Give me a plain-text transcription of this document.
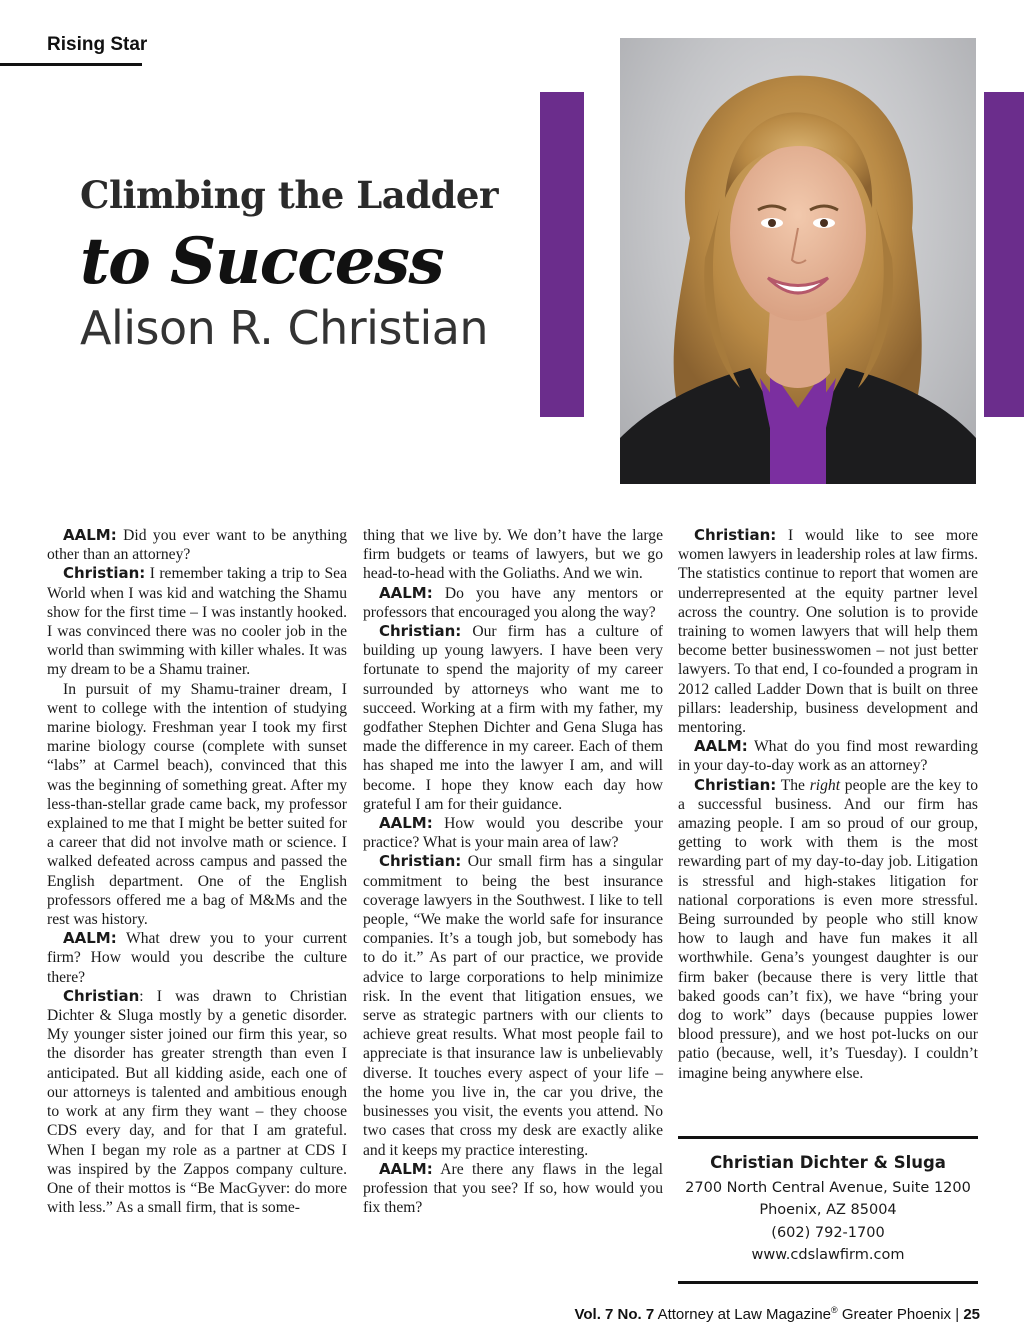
Rising Star
Climbing the Ladder
to Success
Alison R. Christian

AALM: Did you ever want to be anything other than an attorney?

Christian: I remember taking a trip to Sea World when I was kid and watching the Shamu show for the first time – I was instantly hooked. I was convinced there was no cooler job in the world than swimming with killer whales. It was my dream to be a Shamu trainer.

In pursuit of my Shamu-trainer dream, I went to college with the intention of studying marine biology. Freshman year I took my first marine biology course (complete with sunset “labs” at Carmel beach), convinced that this was the beginning of something great. After my less-than-stellar grade came back, my professor explained to me that I might be better suited for a career that did not involve math or science. I walked defeated across campus and passed the English department. One of the English professors offered me a bag of M&Ms and the rest was history.

AALM: What drew you to your current firm? How would you describe the culture there?

Christian: I was drawn to Christian Dichter & Sluga mostly by a genetic disorder. My younger sister joined our firm this year, so the disorder has greater strength than even I anticipated. But all kidding aside, each one of our attorneys is talented and ambitious enough to work at any firm they want – they choose CDS every day, and for that I am grateful. When I began my role as a partner at CDS I was inspired by the Zappos company culture. One of their mottos is “Be MacGyver: do more with less.” As a small firm, that is some-

thing that we live by. We don’t have the large firm budgets or teams of lawyers, but we go head-to-head with the Goliaths. And we win.

AALM: Do you have any mentors or professors that encouraged you along the way?

Christian: Our firm has a culture of building up young lawyers. I have been very fortunate to spend the majority of my career surrounded by attorneys who want me to succeed. Working at a firm with my father, my godfather Stephen Dichter and Gena Sluga has made the difference in my career. Each of them has shaped me into the lawyer I am, and will become. I hope they know each day how grateful I am for their guidance.

AALM: How would you describe your practice? What is your main area of law?

Christian: Our small firm has a singular commitment to being the best insurance coverage lawyers in the Southwest. I like to tell people, “We make the world safe for insurance companies. It’s a tough job, but somebody has to do it.” As part of our practice, we provide advice to large corporations to help minimize risk. In the event that litigation ensues, we serve as strategic partners with our clients to achieve great results. What most people fail to appreciate is that insurance law is unbelievably diverse. It touches every aspect of your life – the home you live in, the car you drive, the businesses you visit, the events you attend. No two cases that cross my desk are exactly alike and it keeps my practice interesting.

AALM: Are there any flaws in the legal profession that you see? If so, how would you fix them?

Christian: I would like to see more women lawyers in leadership roles at law firms. The statistics continue to report that women are underrepresented at the equity partner level across the country. One solution is to provide training to women lawyers that will help them become better businesswomen – not just better lawyers. To that end, I co-founded a program in 2012 called Ladder Down that is built on three pillars: leadership, business development and mentoring.

AALM: What do you find most rewarding in your day-to-day work as an attorney?

Christian: The right people are the key to a successful business. And our firm has amazing people. I am so proud of our group, getting to work with them is the most rewarding part of my day-to-day job. Litigation is stressful and high-stakes litigation for national corporations is even more stressful. Being surrounded by people who still know how to laugh and have fun makes it all worthwhile. Gena’s youngest daughter is our firm baker (because there is very little that baked goods can’t fix), we have “bring your dog to work” days (because puppies lower blood pressure), and we host pot-lucks on our patio (because, well, it’s Tuesday). I couldn’t imagine being anywhere else.

Christian Dichter & Sluga
2700 North Central Avenue, Suite 1200
Phoenix, AZ 85004
(602) 792-1700
www.cdslawfirm.com
Vol. 7 No. 7 Attorney at Law Magazine® Greater Phoenix | 25
